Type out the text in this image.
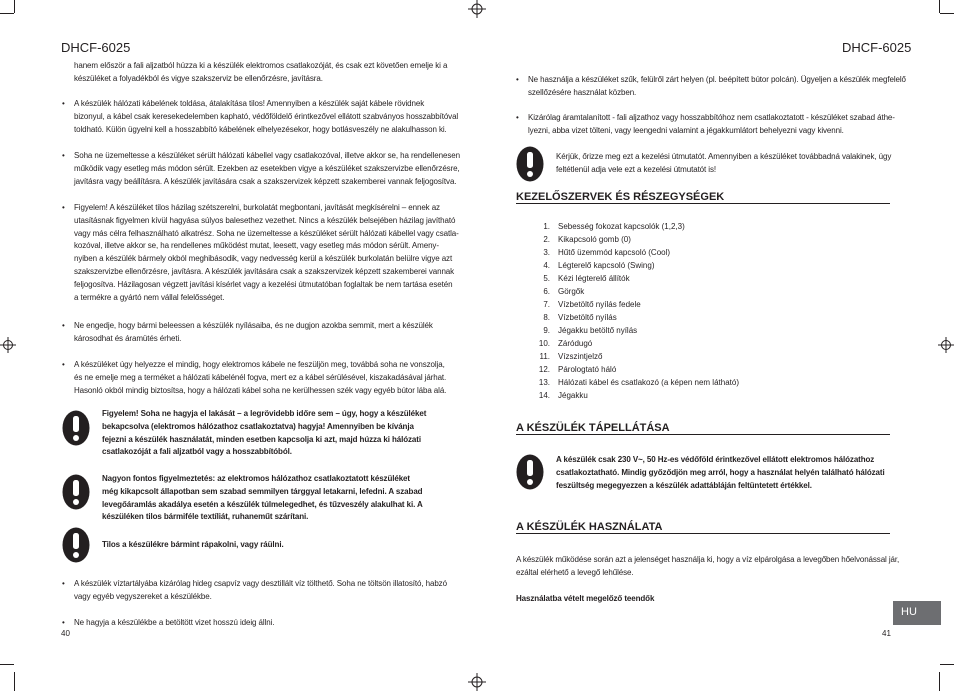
DHCF-6025
hanem először a fali aljzatból húzza ki a készülék elektromos csatlakozóját, és csak ezt követően emelje ki a
készüléket a folyadékból és vigye szakszerviz be ellenőrzésre, javításra.
• A készülék hálózati kábelének toldása, átalakítása tilos! Amennyiben a készülék saját kábele rövidnek
bizonyul, a kábel csak keresekedelemben kapható, védőföldelő érintkezővel ellátott szabványos hosszabbítóval
toldható. Külön ügyelni kell a hosszabbító kábelének elhelyezésekor, hogy botlásveszély ne alakulhasson ki.
• Soha ne üzemeltesse a készüléket sérült hálózati kábellel vagy csatlakozóval, illetve akkor se, ha rendellenesen
működik vagy esetleg más módon sérült. Ezekben az esetekben vigye a készüléket szakszervizbe ellenőrzésre,
javításra vagy beállításra. A készülék javítására csak a szakszervizek képzett szakemberei vannak feljogosítva.
• Figyelem! A készüléket tilos házilag szétszerelni, burkolatát megbontani, javítását megkísérelni – ennek az
utasításnak figyelmen kívül hagyása súlyos balesethez vezethet. Nincs a készülék belsejében házilag javítható
vagy más célra felhasználható alkatrész. Soha ne üzemeltesse a készüléket sérült hálózati kábellel vagy csatla-
kozóval, illetve akkor se, ha rendellenes működést mutat, leesett, vagy esetleg más módon sérült. Ameny-
nyiben a készülék bármely okból meghibásodik, vagy nedvesség kerül a készülék burkolatán belülre vigye azt
szakszervizbe ellenőrzésre, javításra. A készülék javítására csak a szakszervizek képzett szakemberei vannak
feljogosítva. Házilagosan végzett javítási kísérlet vagy a kezelési útmutatóban foglaltak be nem tartása esetén
a termékre a gyártó nem vállal felelősséget.
• Ne engedje, hogy bármi beleessen a készülék nyílásaiba, és ne dugjon azokba semmit, mert a készülék
károsodhat és áramütés érheti.
• A készüléket úgy helyezze el mindig, hogy elektromos kábele ne feszüljön meg, továbbá soha ne vonszolja,
és ne emelje meg a terméket a hálózati kábelénél fogva, mert ez a kábel sérülésével, kiszakadásával járhat.
Hasonló okból mindig biztosítsa, hogy a hálózati kábel soha ne kerülhessen szék vagy egyéb bútor lába alá.
Figyelem! Soha ne hagyja el lakását – a legrövidebb időre sem – úgy, hogy a készüléket
bekapcsolva (elektromos hálózathoz csatlakoztatva) hagyja! Amennyiben be kívánja
fejezni a készülék használatát, minden esetben kapcsolja ki azt, majd húzza ki hálózati
csatlakozóját a fali aljzatból vagy a hosszabbítóból.
Nagyon fontos figyelmeztetés: az elektromos hálózathoz csatlakoztatott készüléket
még kikapcsolt állapotban sem szabad semmilyen tárggyal letakarni, lefedni. A szabad
levegőáramlás akadálya esetén a készülék túlmelegedhet, és tűzveszély alakulhat ki. A
készüléken tilos bármiféle textíliát, ruhaneműt szárítani.
Tilos a készülékre bármint rápakolni, vagy ráülni.
• A készülék víztartályába kizárólag hideg csapvíz vagy desztillált víz tölthető. Soha ne töltsön illatosító, habzó
vagy egyéb vegyszereket a készülékbe.
• Ne hagyja a készülékbe a betöltött vizet hosszú ideig állni.
40
DHCF-6025
• Ne használja a készüléket szűk, felülről zárt helyen (pl. beépített bútor polcán). Ügyeljen a készülék megfelelő
szellőzésére használat közben.
• Kizárólag áramtalanított - fali aljzathoz vagy hosszabbítóhoz nem csatlakoztatott - készüléket szabad áthe-
lyezni, abba vizet tölteni, vagy leengedni valamint a jégakkumlátort behelyezni vagy kivenni.
Kérjük, őrizze meg ezt a kezelési útmutatót. Amennyiben a készüléket továbbadná valakinek, úgy
feltétlenül adja vele ezt a kezelési útmutatót is!
KEZELŐSZERVEK ÉS RÉSZEGYSÉGEK
1. Sebesség fokozat kapcsolók (1,2,3)
2. Kikapcsoló gomb (0)
3. Hűtő üzemmód kapcsoló (Cool)
4. Légterelő kapcsoló (Swing)
5. Kézi légterelő állítók
6. Görgők
7. Vízbetöltő nyílás fedele
8. Vízbetöltő nyílás
9. Jégakku betöltő nyílás
10. Záródugó
11. Vízszintjelző
12. Párologtató háló
13. Hálózati kábel és csatlakozó (a képen nem látható)
14. Jégakku
A KÉSZÜLÉK TÁPELLÁTÁSA
A készülék csak 230 V~, 50 Hz-es védőföld érintkezővel ellátott elektromos hálózathoz
csatlakoztatható. Mindig győződjön meg arról, hogy a használat helyén található hálózati
feszültség megegyezzen a készülék adattábláján feltüntetett értékkel.
A KÉSZÜLÉK HASZNÁLATA
A készülék működése során azt a jelenséget használja ki, hogy a víz elpárolgása a levegőben hőelvonással jár,
ezáltal elérhető a levegő lehűlése.
Használatba vételt megelőző teendők
HU
41
